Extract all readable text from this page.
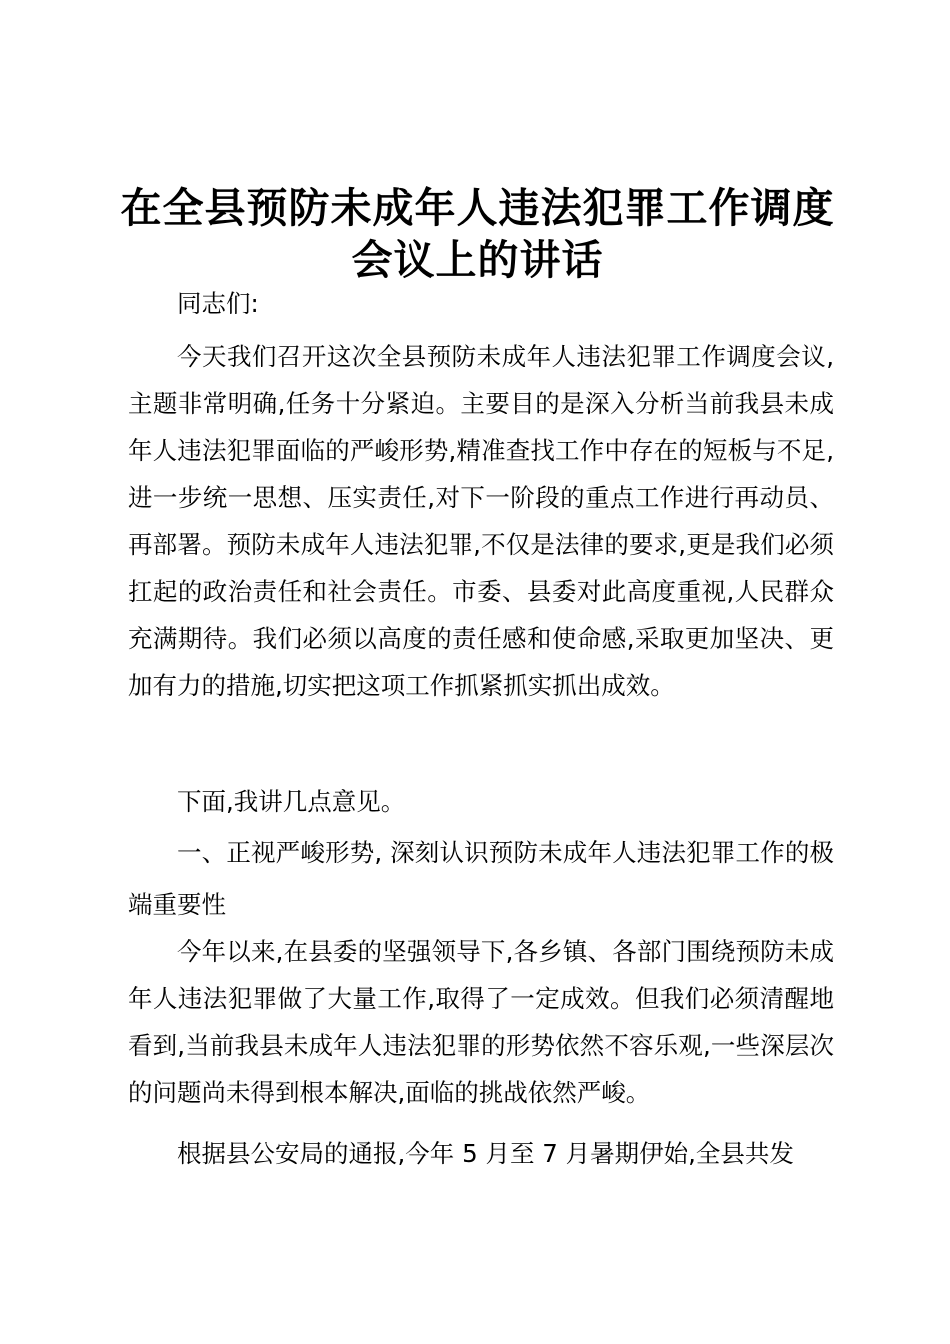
在全县预防未成年人违法犯罪工作调度
会议上的讲话

同志们:

今天我们召开这次全县预防未成年人违法犯罪工作调度会议,主题非常明确,任务十分紧迫。主要目的是深入分析当前我县未成年人违法犯罪面临的严峻形势,精准查找工作中存在的短板与不足,进一步统一思想、压实责任,对下一阶段的重点工作进行再动员、再部署。预防未成年人违法犯罪,不仅是法律的要求,更是我们必须扛起的政治责任和社会责任。市委、县委对此高度重视,人民群众充满期待。我们必须以高度的责任感和使命感,采取更加坚决、更加有力的措施,切实把这项工作抓紧抓实抓出成效。

下面,我讲几点意见。

一、正视严峻形势, 深刻认识预防未成年人违法犯罪工作的极端重要性

今年以来,在县委的坚强领导下,各乡镇、各部门围绕预防未成年人违法犯罪做了大量工作,取得了一定成效。但我们必须清醒地看到,当前我县未成年人违法犯罪的形势依然不容乐观,一些深层次的问题尚未得到根本解决,面临的挑战依然严峻。

根据县公安局的通报,今年 5 月至 7 月暑期伊始,全县共发
